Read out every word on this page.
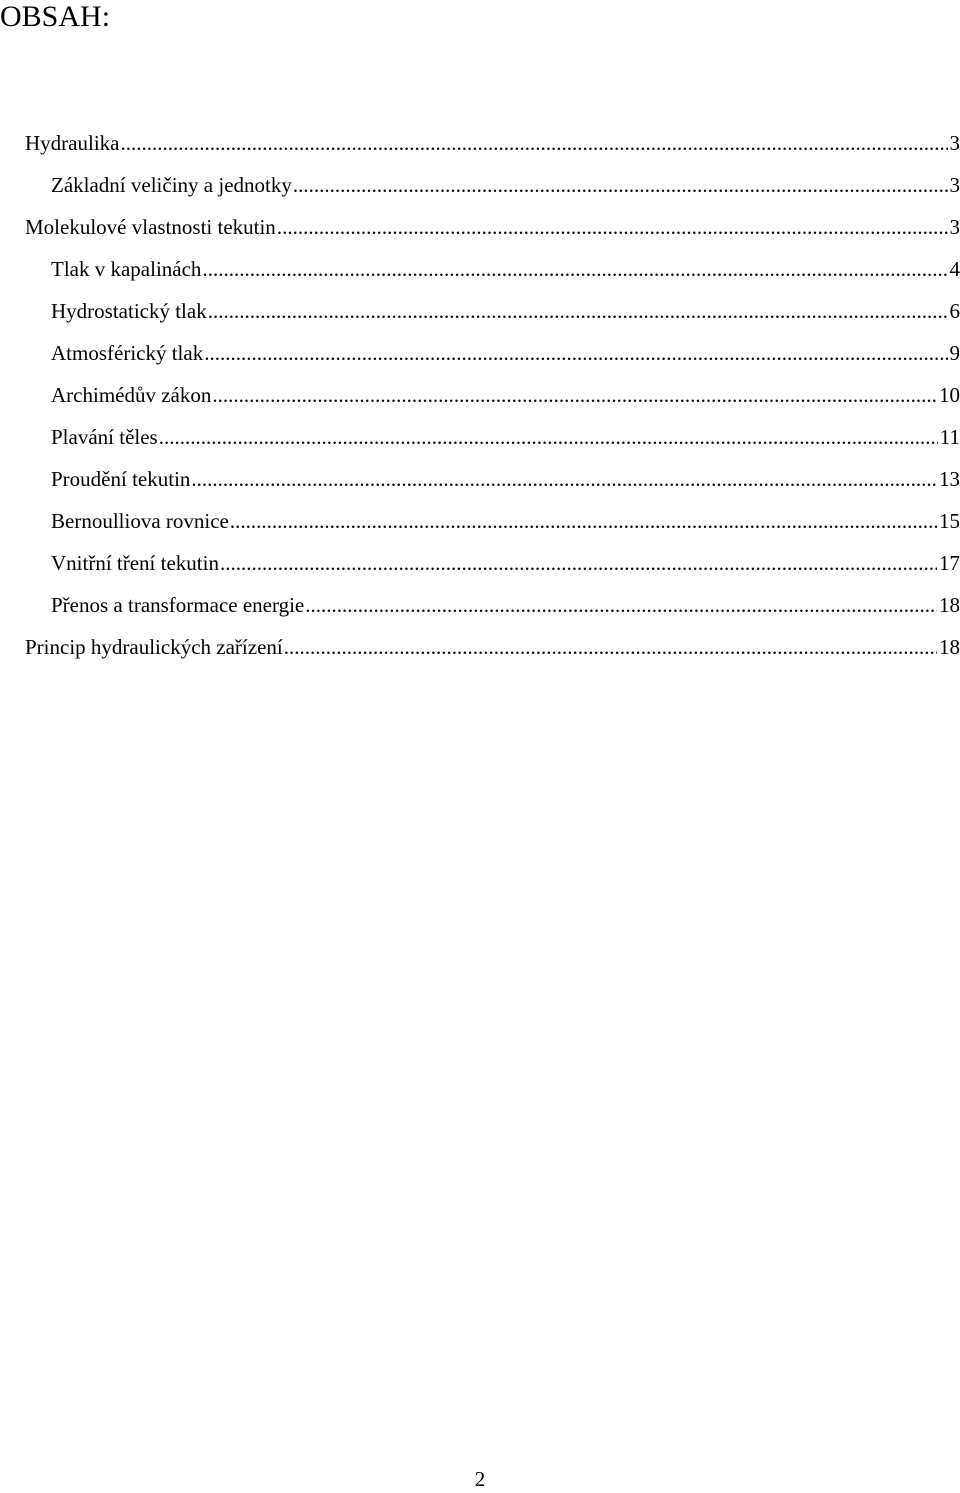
OBSAH:
Hydraulika .....	3
Základní veličiny a jednotky .....	3
Molekulové vlastnosti tekutin .....	3
Tlak v kapalinách .....	4
Hydrostatický tlak .....	6
Atmosférický tlak .....	9
Archimédův zákon .....	10
Plavání těles .....	11
Proudění tekutin .....	13
Bernoulliova rovnice .....	15
Vnitřní tření tekutin .....	17
Přenos a transformace energie .....	18
Princip hydraulických zařízení .....	18
2
